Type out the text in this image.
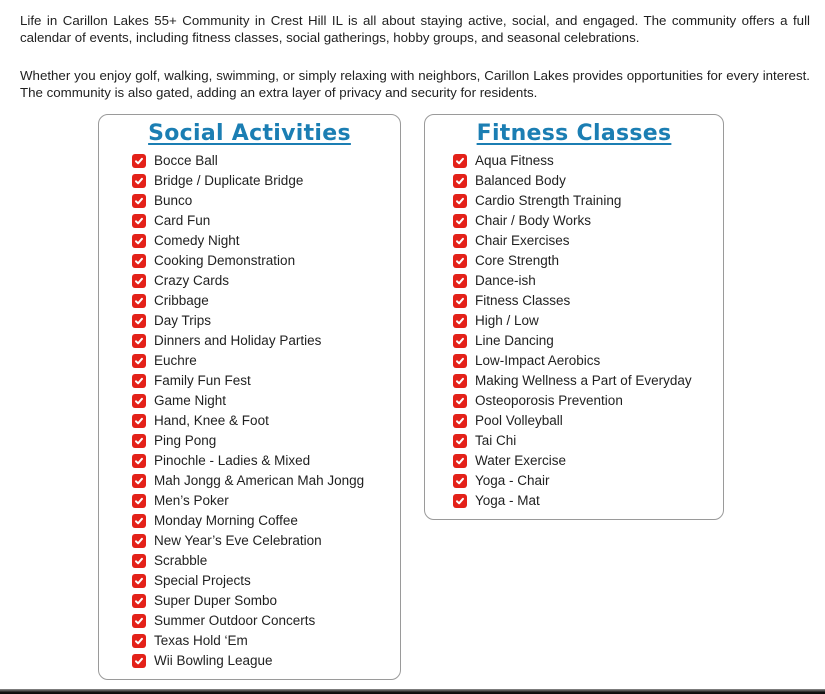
Life in Carillon Lakes 55+ Community in Crest Hill IL is all about staying active, social, and engaged. The community offers a full calendar of events, including fitness classes, social gatherings, hobby groups, and seasonal celebrations.

Whether you enjoy golf, walking, swimming, or simply relaxing with neighbors, Carillon Lakes provides opportunities for every interest. The community is also gated, adding an extra layer of privacy and security for residents.

Social Activities
Bocce Ball
Bridge / Duplicate Bridge
Bunco
Card Fun
Comedy Night
Cooking Demonstration
Crazy Cards
Cribbage
Day Trips
Dinners and Holiday Parties
Euchre
Family Fun Fest
Game Night
Hand, Knee & Foot
Ping Pong
Pinochle - Ladies & Mixed
Mah Jongg & American Mah Jongg
Men’s Poker
Monday Morning Coffee
New Year’s Eve Celebration
Scrabble
Special Projects
Super Duper Sombo
Summer Outdoor Concerts
Texas Hold ‘Em
Wii Bowling League
Fitness Classes
Aqua Fitness
Balanced Body
Cardio Strength Training
Chair / Body Works
Chair Exercises
Core Strength
Dance-ish
Fitness Classes
High / Low
Line Dancing
Low-Impact Aerobics
Making Wellness a Part of Everyday
Osteoporosis Prevention
Pool Volleyball
Tai Chi
Water Exercise
Yoga - Chair
Yoga - Mat
